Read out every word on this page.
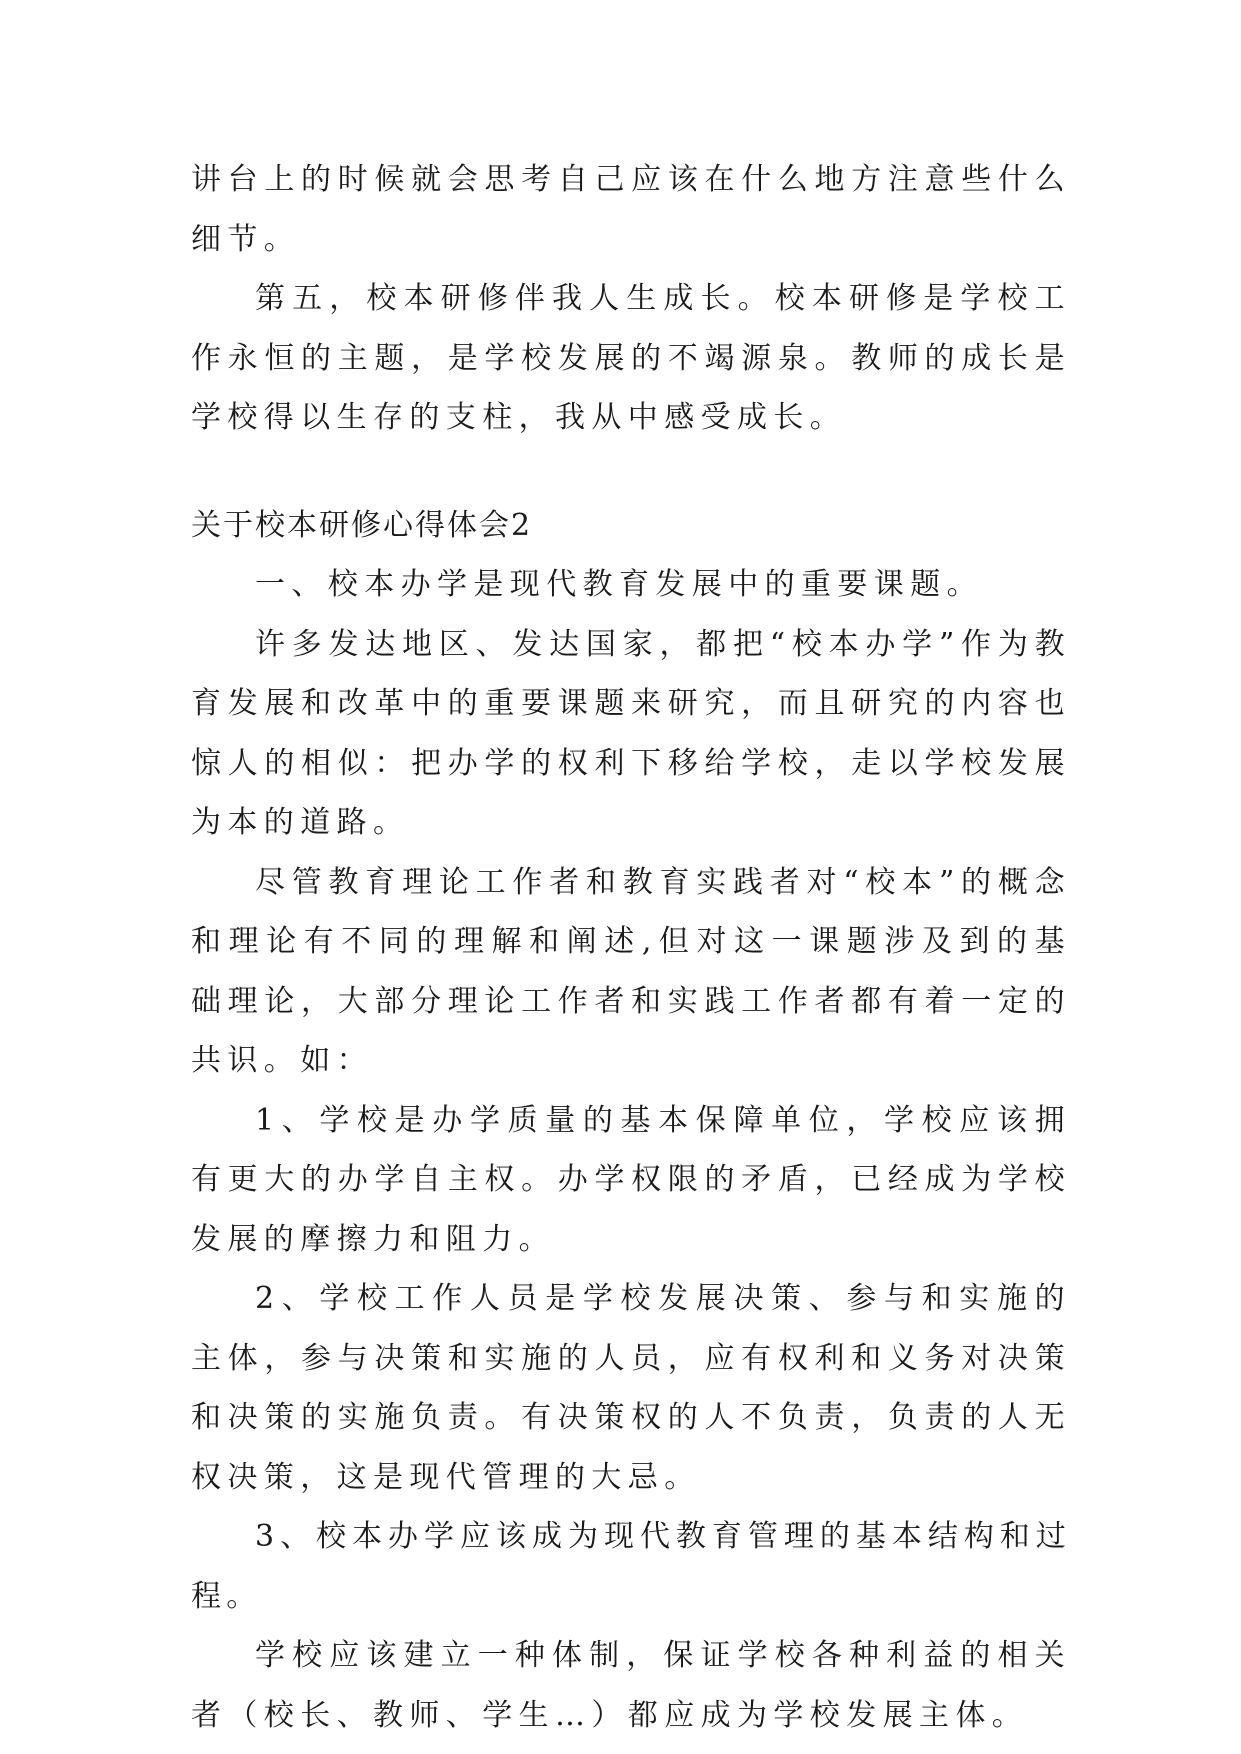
讲台上的时候就会思考自己应该在什么地方注意些什么细节。

第五，校本研修伴我人生成长。校本研修是学校工作永恒的主题，是学校发展的不竭源泉。教师的成长是学校得以生存的支柱，我从中感受成长。

关于校本研修心得体会2

一、校本办学是现代教育发展中的重要课题。

许多发达地区、发达国家，都把“校本办学”作为教育发展和改革中的重要课题来研究，而且研究的内容也惊人的相似：把办学的权利下移给学校，走以学校发展为本的道路。

尽管教育理论工作者和教育实践者对“校本”的概念和理论有不同的理解和阐述,但对这一课题涉及到的基础理论，大部分理论工作者和实践工作者都有着一定的共识。如：

1、学校是办学质量的基本保障单位，学校应该拥有更大的办学自主权。办学权限的矛盾，已经成为学校发展的摩擦力和阻力。

2、学校工作人员是学校发展决策、参与和实施的主体，参与决策和实施的人员，应有权利和义务对决策和决策的实施负责。有决策权的人不负责，负责的人无权决策，这是现代管理的大忌。

3、校本办学应该成为现代教育管理的基本结构和过程。

学校应该建立一种体制，保证学校各种利益的相关者（校长、教师、学生…）都应成为学校发展主体。
